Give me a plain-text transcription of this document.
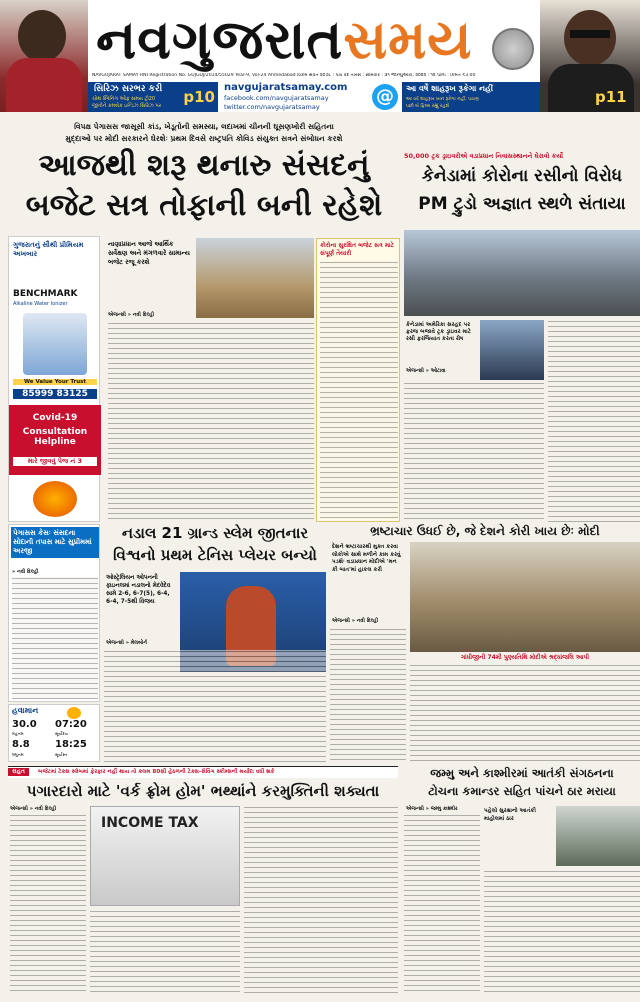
નવગુજરાતસમય
NAVGUJARAT SAMAY RNI Registration No. GUJGUJ/2014/55029 Year-9, Vol-24 Ahmedabad વિક્રમ સંવત ૨૦૭૮ : પોષ વદ તોરસ : સોમવાર : ૩૧ જાન્યુઆરી, ૨૦૨૨ : ૧૨ પાના : કિંમત ₹3.00
સિરિઝ સરભર કરી
ચોથ સ્પિનિંગ ઓફ સમય ટ્રી20
જીતીને કમબેક ઇન્ડિઝ સિરિઝ પર p10
navgujaratsamay.com
facebook.com/navgujaratsamay
twitter.com/navgujaratsamay	@	આ વર્ષે શાહરૂખ રૂકેગા નહીં
આ વર્ષ શાહરૂખ ખાન રૂકેગા નહીં, પઠાણ
પછી બે ફિલ્મ રહ્યું રહશે
p11
વિપક્ષ પેગાસસ જાસૂસી કાંડ, ખેડૂતોની સમસ્યા, લદાખમાં ચીનની ઘૂસણખોરી સહિતના
મુદ્દાઓ પર મોદી સરકારને ઘેરશેઃ પ્રથમ દિવસે રાષ્ટ્રપતિ કોવિડ સંયુક્ત સત્રને સંબોધન કરશે
આજથી શરૂ થનારુ સંસદનું
બજેટ સત્ર તોફાની બની રહેશે
ગુજરાતનું સૌથી પ્રીમિયમ અખબાર
BENCHMARK
Alkaline Water Ionizer
We Value Your Trust
85999 83125
Covid-19
Consultation Helpline
મારે જીવવું પેજ નં 3
નાણાપ્રધાન આજે આર્થિક સર્વેક્ષણ અને મંગળવારે સામાન્ય બજેટ રજૂ કરશે
એજન્સી » નવી દિલ્હી
કોરોના સુરક્ષિત બજેટ સત્ર માટે સંપૂર્ણ તૈયારી
50,000 ટ્રક ડ્રાઇવરોએ વડાપ્રધાન નિવાસસ્થાનને ઘેરાવો કર્યો
કેનેડામાં કોરોના રસીનો વિરોધ
PM ટ્રુડો અજ્ઞાત સ્થળે સંતાયા
કેનેડામાં અમેરિકા સરહદ પર ફરજ બજાવે ટ્રક ડ્રાઇવર માટે રસી ફરજિયાત કરતા રોષ
એજન્સી » ઓટાવા
પેગાસસ કેસઃ સંસદના સોદાની તપાસ માટે સુપ્રીમમાં અરજી
» નવી દિલ્હી
હવામાન
30.0 07:20
મહત્તમ	સૂર્યોદય
8.8	18:25
લઘુત્તમ	સૂર્યાસ્ત
નડાલ 21 ગ્રાન્ડ સ્લેમ જીતનાર
વિશ્વનો પ્રથમ ટેનિસ પ્લેયર બન્યો
ઓસ્ટ્રેલિયન ઓપનની ફાઇનલમાં નડાલનો મેદવેદેવ સામે 2-6, 6-7(5), 6-4, 6-4, 7-5થી વિજય
એજન્સી » મેલબોર્ન
ભ્રષ્ટાચાર ઉધઈ છે, જે દેશને કોરી ખાય છેઃ મોદી
દેશને ભ્રષ્ટાચારથી મુક્ત કરવા લોકોએ સાથે મળીને કામ કરવું પડશેઃ વડાપ્રધાન મોદીએ 'મન કી બાત'માં હાકલ કરી
એજન્સી » નવી દિલ્હી
ગાંધીજીની 74મી પુણ્યતિથિ મોદીએ શ્રદ્ધાંજલિ આપી
રાહત	બજેટમાં ટેક્સ સ્લેબમાં ફેરફાર નહીં થાય તો કલમ 80સી હેઠળની ટેક્સ-સેવિંગ સ્કીમ્સની મર્યાદા વધી શકે
પગારદારો માટે 'વર્ક ફ્રોમ હોમ' ભથ્થાંને કરમુક્તિની શક્યતા
એજન્સી » નવી દિલ્હી
INCOME TAX
જમ્મુ અને કાશ્મીરમાં આતંકી સંગઠનના
ટોચના કમાન્ડર સહિત પાંચને ઠાર મરાયા
એજન્સી » જમ્મુ કાશ્મીર	પહેલો સુરક્ષાનો આતંકી માહોલમાં ઠાર
